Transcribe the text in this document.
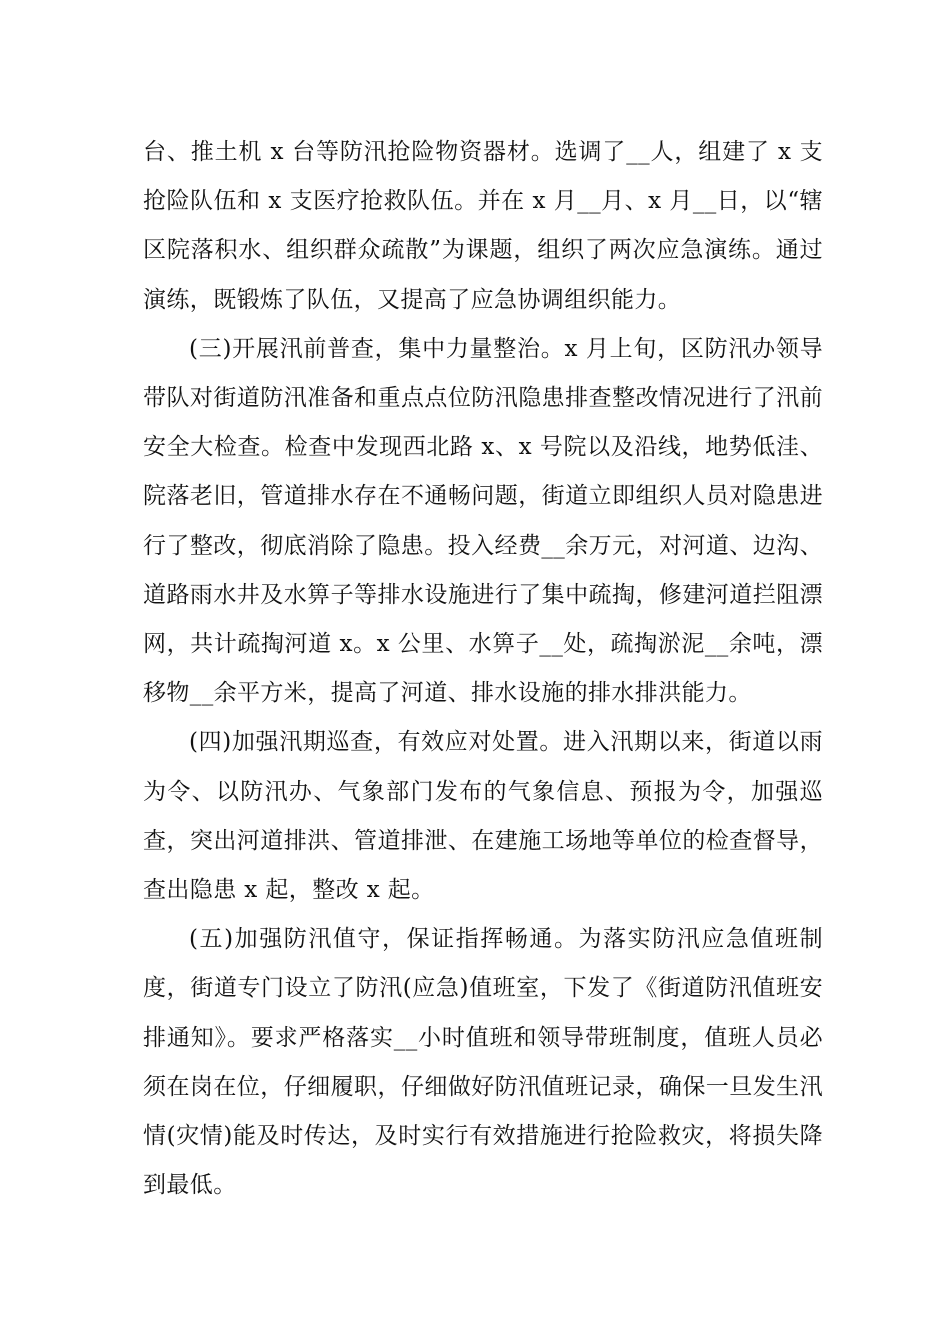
台、推土机 x 台等防汛抢险物资器材。选调了__人，组建了 x 支抢险队伍和 x 支医疗抢救队伍。并在 x 月__月、x 月__日，以“辖区院落积水、组织群众疏散”为课题，组织了两次应急演练。通过演练，既锻炼了队伍，又提高了应急协调组织能力。

(三)开展汛前普查，集中力量整治。x 月上旬，区防汛办领导带队对街道防汛准备和重点点位防汛隐患排查整改情况进行了汛前安全大检查。检查中发现西北路 x、x 号院以及沿线，地势低洼、院落老旧，管道排水存在不通畅问题，街道立即组织人员对隐患进行了整改，彻底消除了隐患。投入经费__余万元，对河道、边沟、道路雨水井及水箅子等排水设施进行了集中疏掏，修建河道拦阻漂网，共计疏掏河道 x。x 公里、水箅子__处，疏掏淤泥__余吨，漂移物__余平方米，提高了河道、排水设施的排水排洪能力。

(四)加强汛期巡查，有效应对处置。进入汛期以来，街道以雨为令、以防汛办、气象部门发布的气象信息、预报为令，加强巡查，突出河道排洪、管道排泄、在建施工场地等单位的检查督导，查出隐患 x 起，整改 x 起。

(五)加强防汛值守，保证指挥畅通。为落实防汛应急值班制度，街道专门设立了防汛(应急)值班室，下发了《街道防汛值班安排通知》。要求严格落实__小时值班和领导带班制度，值班人员必须在岗在位，仔细履职，仔细做好防汛值班记录，确保一旦发生汛情(灾情)能及时传达，及时实行有效措施进行抢险救灾，将损失降到最低。
